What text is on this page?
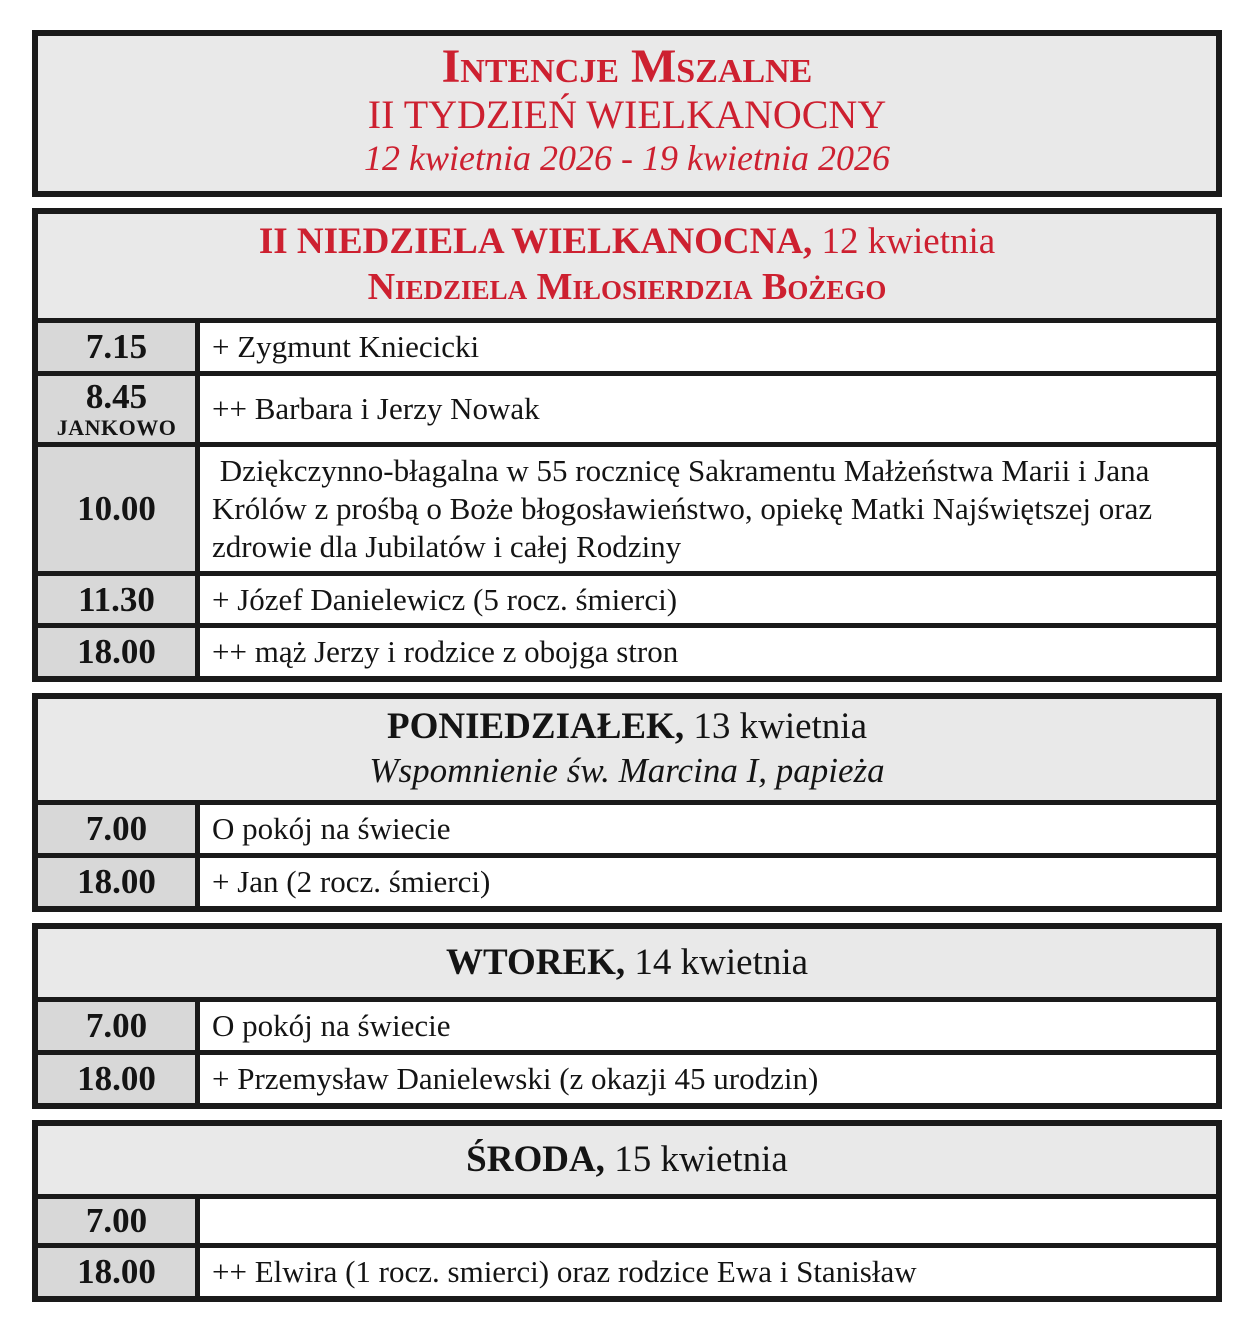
Intencje Mszalne
II TYDZIEŃ WIELKANOCNY
12 kwietnia 2026 - 19 kwietnia 2026
II NIEDZIELA WIELKANOCNA, 12 kwietnia
Niedziela Miłosierdzia Bożego
7.15 + Zygmunt Kniecicki

8.45
JANKOWO

++ Barbara i Jerzy Nowak

10.00

Dziękczynno-błagalna w 55 rocznicę Sakramentu Małżeństwa Marii i Jana Królów z prośbą o Boże błogosławieństwo, opiekę Matki Najświętszej oraz zdrowie dla Jubilatów i całej Rodziny

11.30 + Józef Danielewicz (5 rocz. śmierci)

18.00 ++ mąż Jerzy i rodzice z obojga stron

PONIEDZIAŁEK, 13 kwietnia
Wspomnienie św. Marcina I, papieża
7.00 O pokój na świecie

18.00 + Jan (2 rocz. śmierci)

WTOREK, 14 kwietnia
7.00 O pokój na świecie

18.00 + Przemysław Danielewski (z okazji 45 urodzin)

ŚRODA, 15 kwietnia
7.00

18.00 ++ Elwira (1 rocz. smierci) oraz rodzice Ewa i Stanisław
